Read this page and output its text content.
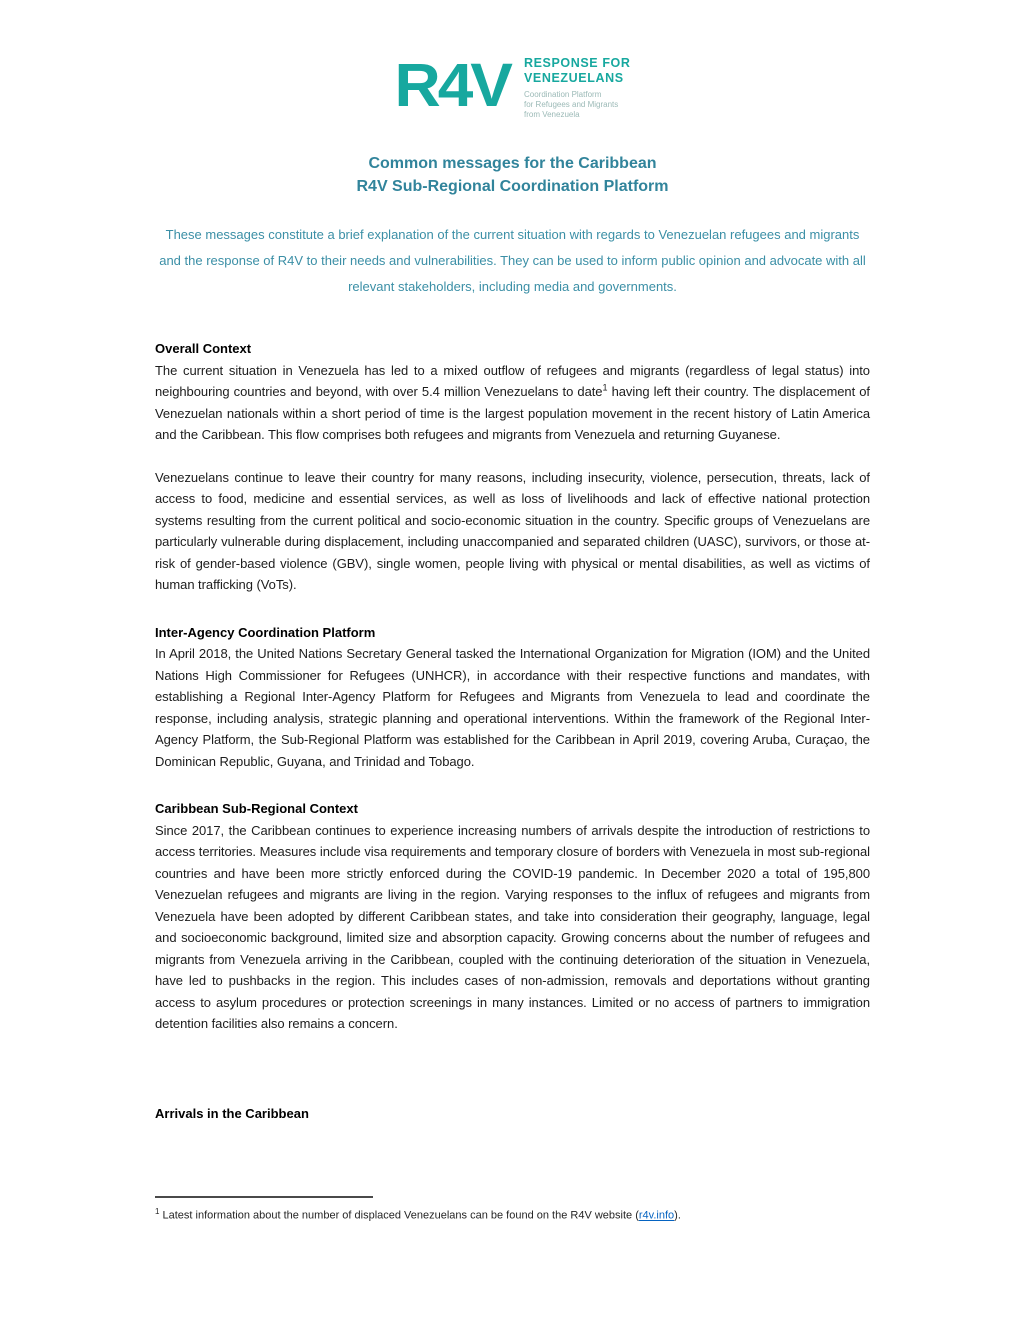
R4V RESPONSE FOR
VENEZUELANS
Coordination Platform
for Refugees and Migrants
from Venezuela
Common messages for the Caribbean
R4V Sub-Regional Coordination Platform

These messages constitute a brief explanation of the current situation with regards to Venezuelan refugees and migrants and the response of R4V to their needs and vulnerabilities. They can be used to inform public opinion and advocate with all relevant stakeholders, including media and governments.

Overall Context

The current situation in Venezuela has led to a mixed outflow of refugees and migrants (regardless of legal status) into neighbouring countries and beyond, with over 5.4 million Venezuelans to date$^1$ having left their country. The displacement of Venezuelan nationals within a short period of time is the largest population movement in the recent history of Latin America and the Caribbean. This flow comprises both refugees and migrants from Venezuela and returning Guyanese.

Venezuelans continue to leave their country for many reasons, including insecurity, violence, persecution, threats, lack of access to food, medicine and essential services, as well as loss of livelihoods and lack of effective national protection systems resulting from the current political and socio-economic situation in the country. Specific groups of Venezuelans are particularly vulnerable during displacement, including unaccompanied and separated children (UASC), survivors, or those at-risk of gender-based violence (GBV), single women, people living with physical or mental disabilities, as well as victims of human trafficking (VoTs).

Inter-Agency Coordination Platform

In April 2018, the United Nations Secretary General tasked the International Organization for Migration (IOM) and the United Nations High Commissioner for Refugees (UNHCR), in accordance with their respective functions and mandates, with establishing a Regional Inter-Agency Platform for Refugees and Migrants from Venezuela to lead and coordinate the response, including analysis, strategic planning and operational interventions. Within the framework of the Regional Inter-Agency Platform, the Sub-Regional Platform was established for the Caribbean in April 2019, covering Aruba, Curaçao, the Dominican Republic, Guyana, and Trinidad and Tobago.

Caribbean Sub-Regional Context

Since 2017, the Caribbean continues to experience increasing numbers of arrivals despite the introduction of restrictions to access territories. Measures include visa requirements and temporary closure of borders with Venezuela in most sub-regional countries and have been more strictly enforced during the COVID-19 pandemic. In December 2020 a total of 195,800 Venezuelan refugees and migrants are living in the region. Varying responses to the influx of refugees and migrants from Venezuela have been adopted by different Caribbean states, and take into consideration their geography, language, legal and socioeconomic background, limited size and absorption capacity. Growing concerns about the number of refugees and migrants from Venezuela arriving in the Caribbean, coupled with the continuing deterioration of the situation in Venezuela, have led to pushbacks in the region. This includes cases of non-admission, removals and deportations without granting access to asylum procedures or protection screenings in many instances. Limited or no access of partners to immigration detention facilities also remains a concern.

Arrivals in the Caribbean
$^1$ Latest information about the number of displaced Venezuelans can be found on the R4V website (r4v.info).
